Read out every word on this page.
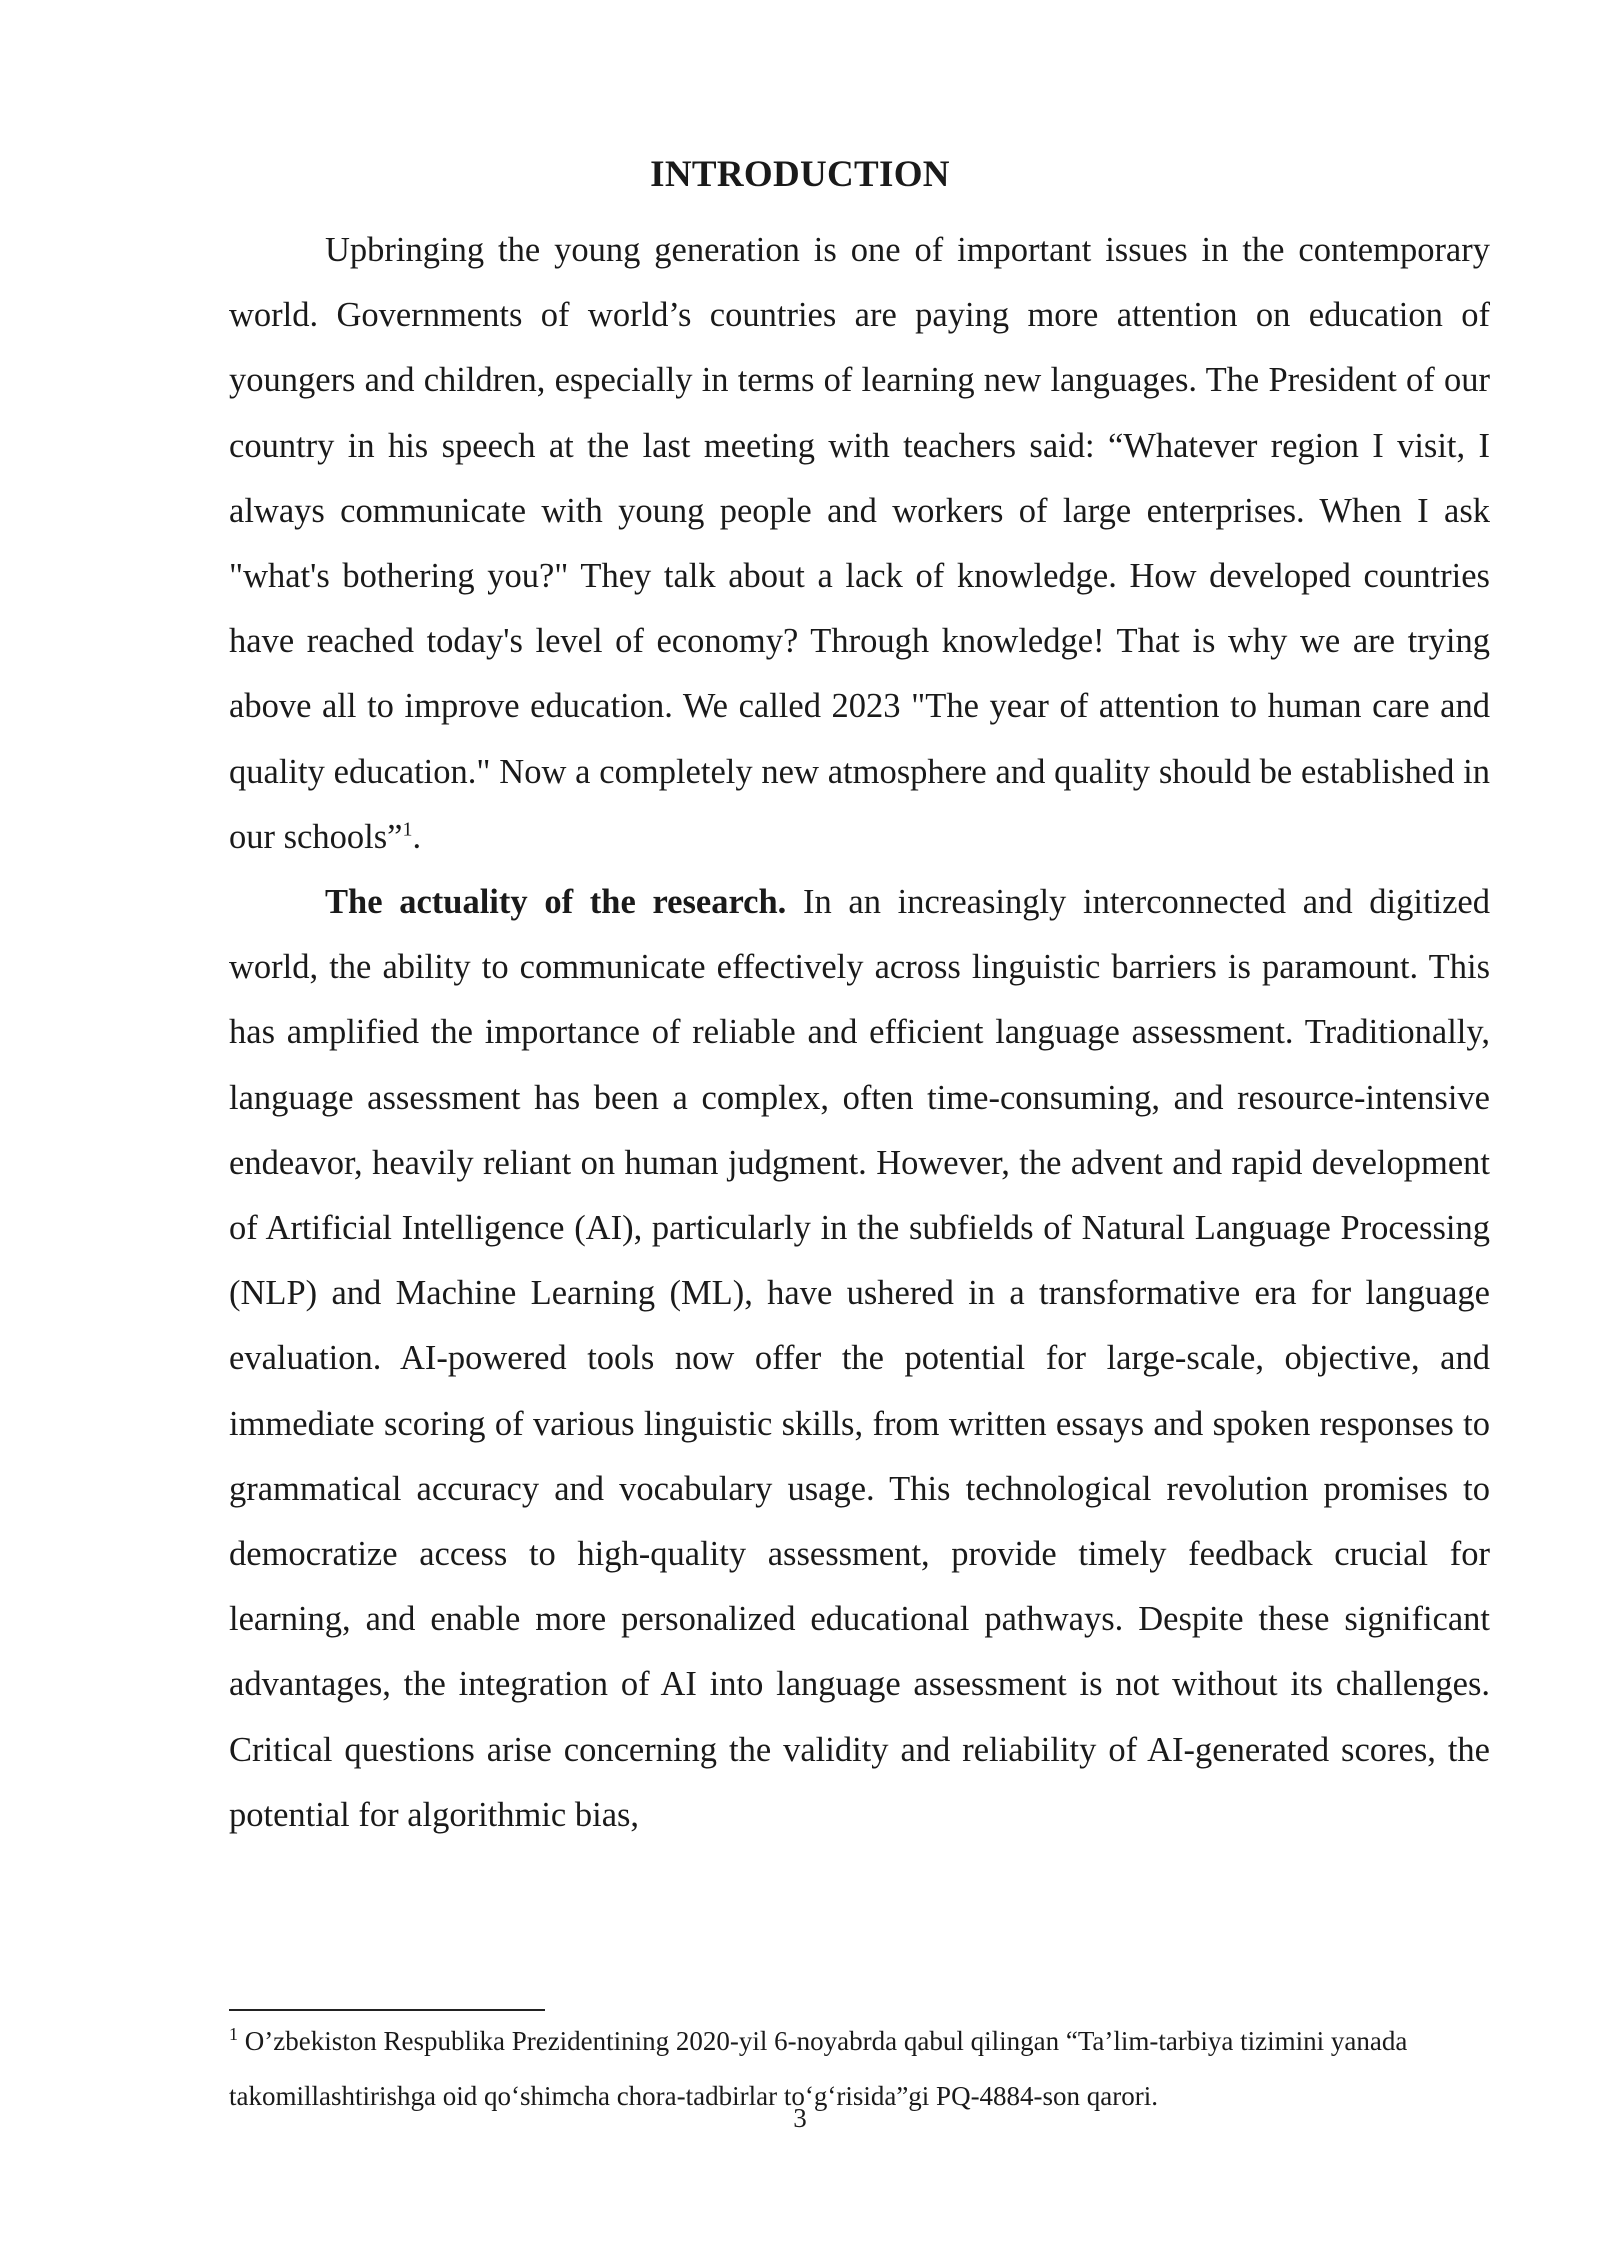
INTRODUCTION

Upbringing the young generation is one of important issues in the contemporary world. Governments of world’s countries are paying more attention on education of youngers and children, especially in terms of learning new languages. The President of our country in his speech at the last meeting with teachers said: “Whatever region I visit, I always communicate with young people and workers of large enterprises. When I ask "what's bothering you?" They talk about a lack of knowledge. How developed countries have reached today's level of economy? Through knowledge! That is why we are trying above all to improve education. We called 2023 "The year of attention to human care and quality education." Now a completely new atmosphere and quality should be established in our schools”$^1$.

The actuality of the research. In an increasingly interconnected and digitized world, the ability to communicate effectively across linguistic barriers is paramount. This has amplified the importance of reliable and efficient language assessment. Traditionally, language assessment has been a complex, often time-consuming, and resource-intensive endeavor, heavily reliant on human judgment. However, the advent and rapid development of Artificial Intelligence (AI), particularly in the subfields of Natural Language Processing (NLP) and Machine Learning (ML), have ushered in a transformative era for language evaluation. AI-powered tools now offer the potential for large-scale, objective, and immediate scoring of various linguistic skills, from written essays and spoken responses to grammatical accuracy and vocabulary usage. This technological revolution promises to democratize access to high-quality assessment, provide timely feedback crucial for learning, and enable more personalized educational pathways. Despite these significant advantages, the integration of AI into language assessment is not without its challenges. Critical questions arise concerning the validity and reliability of AI-generated scores, the potential for algorithmic bias,

$^1$ O’zbekiston Respublika Prezidentining 2020-yil 6-noyabrda qabul qilingan “Ta’lim-tarbiya tizimini yanada takomillashtirishga oid qo‘shimcha chora-tadbirlar to‘g‘risida”gi PQ-4884-son qarori.

3
